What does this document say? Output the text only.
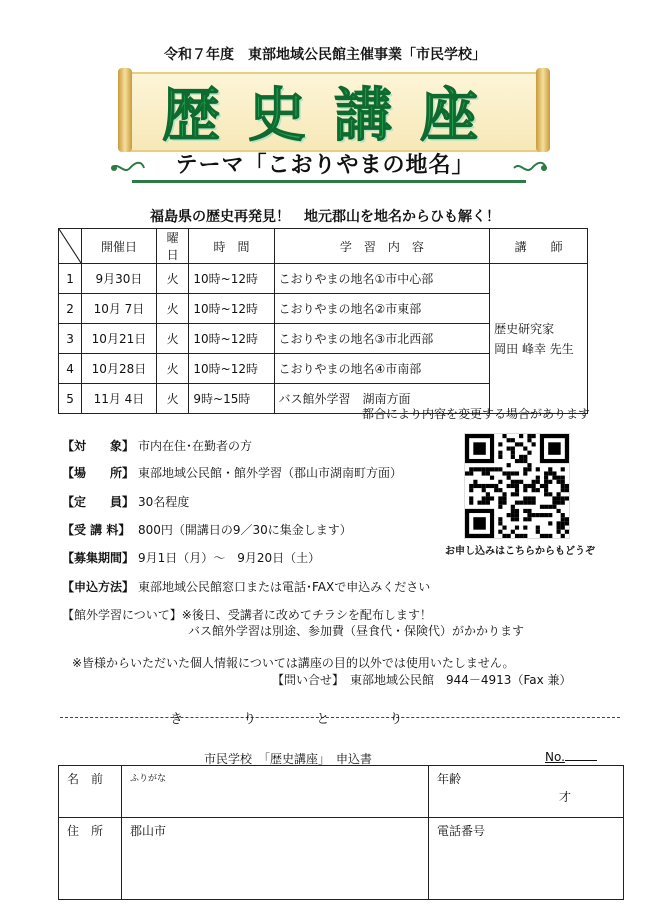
令和７年度　東部地域公民館主催事業「市民学校」
歴史講座
テーマ「こおりやまの地名」
福島県の歴史再発見！　地元郡山を地名からひも解く！
	開催日	曜日	時　間	学　習　内　容	講　　師
1	9月30日	火	10時~12時	こおりやまの地名①市中心部	歴史研究家
岡田 峰幸 先生

2	10月 7日	火	10時~12時	こおりやまの地名②市東部	
3	10月21日	火	10時~12時	こおりやまの地名③市北西部	
4	10月28日	火	10時~12時	こおりやまの地名④市南部	
5	11月 4日	火	9時~15時	バス館外学習　湖南方面	
都合により内容を変更する場合があります
【対　　象】 市内在住･在勤者の方
【場　　所】 東部地域公民館・館外学習（郡山市湖南町方面）
【定　　員】 30名程度
【受 講 料】 800円（開講日の9／30に集金します）
【募集期間】 9月1日（月）～　9月20日（土）
【申込方法】 東部地域公民館窓口または電話･FAXで申込みください
お申し込みはこちらからもどうぞ
【館外学習について】※後日、受講者に改めてチラシを配布します！
バス館外学習は別途、参加費（昼食代・保険代）がかかります
※皆様からいただいた個人情報については講座の目的以外では使用いたしません。
【問い合せ】　東部地域公民館　944－4913（Fax 兼）
き	り	と	り
市民学校　「歴史講座」　申込書	No.
名　前	ふりがな	年齢
才

住　所	郡山市	電話番号
